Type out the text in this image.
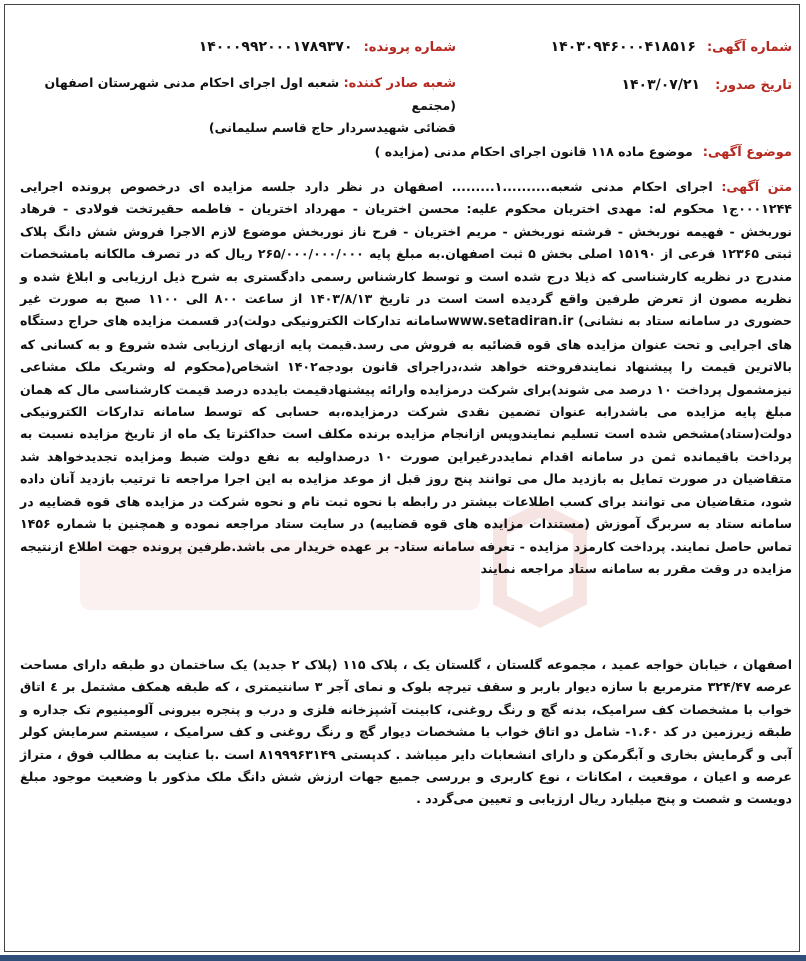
شماره آگهی: ۱۴۰۳۰۹۴۶۰۰۰۴۱۸۵۱۶
شماره پرونده: ۱۴۰۰۰۹۹۲۰۰۰۱۷۸۹۳۷۰
تاریخ صدور: ۱۴۰۳/۰۷/۲۱
شعبه صادر کننده: شعبه اول اجرای احکام مدنی شهرستان اصفهان (مجتمع
قضائی شهیدسردار حاج قاسم سلیمانی)
موضوع آگهی: موضوع ماده ۱۱۸ قانون اجرای احکام مدنی (مزایده )
متن آگهی: اجرای احکام مدنی شعبه..........۱......... اصفهان در نظر دارد جلسه مزایده ای درخصوص پرونده اجرایی ۰۰۰۱۲۴۴ج۱ محکوم له: مهدی اختریان محکوم علیه: محسن اختریان - مهرداد اختریان - فاطمه حقیرتخت فولادی - فرهاد نوربخش - فهیمه نوربخش - فرشته نوربخش - مریم اختریان - فرح ناز نوربخش موضوع لازم الاجرا فروش شش دانگ پلاک ثبتی ۱۲۳۶۵ فرعی از ۱۵۱۹۰ اصلی بخش ۵ ثبت اصفهان.به مبلغ پایه ۲۶۵/۰۰۰/۰۰۰/۰۰۰ ریال که در تصرف مالکانه بامشخصات مندرج در نظریه کارشناسی که ذیلا درج شده است و توسط کارشناس رسمی دادگستری به شرح ذیل ارزیابی و ابلاغ شده و نظریه مصون از تعرض طرفین واقع گردیده است است در تاریخ ۱۴۰۳/۸/۱۳ از ساعت ۸۰۰ الی ۱۱۰۰ صبح به صورت غیر حضوری در سامانه ستاد به نشانی) www.setadiran.irسامانه تدارکات الکترونیکی دولت)در قسمت مزایده های حراج دستگاه های اجرایی و تحت عنوان مزایده های قوه قضائیه به فروش می رسد.قیمت پایه ازبهای ارزیابی شده شروع و به کسانی که بالاترین قیمت را پیشنهاد نمایندفروخته خواهد شد،دراجرای قانون بودجه۱۴۰۲ اشخاص(محکوم له وشریک ملک مشاعی نیزمشمول پرداخت ۱۰ درصد می شوند)برای شرکت درمزایده وارائه پیشنهادقیمت بایدده درصد قیمت کارشناسی مال که همان مبلغ پایه مزایده می باشدرابه عنوان تضمین نقدی شرکت درمزایده،به حسابی که توسط سامانه تدارکات الکترونیکی دولت(ستاد)مشخص شده است تسلیم نمایندوپس ازانجام مزایده برنده مکلف است حداکثرتا یک ماه از تاریخ مزایده نسبت به پرداخت باقیمانده ثمن در سامانه اقدام نمایددرغیراین صورت ۱۰ درصداولیه به نفع دولت ضبط ومزایده تجدیدخواهد شد متقاضیان در صورت تمایل به بازدید مال می توانند پنج روز قبل از موعد مزایده به این اجرا مراجعه تا ترتیب بازدید آنان داده شود، متقاضیان می توانند برای کسب اطلاعات بیشتر در رابطه با نحوه ثبت نام و نحوه شرکت در مزایده های قوه قضاییه در سامانه ستاد به سربرگ آموزش (مستندات مزایده های قوه قضاییه) در سایت ستاد مراجعه نموده و همچنین با شماره ۱۴۵۶ تماس حاصل نمایند. پرداخت کارمزد مزایده - تعرفه سامانه ستاد- بر عهده خریدار می باشد.طرفین پرونده جهت اطلاع ازنتیجه مزایده در وقت مقرر به سامانه ستاد مراجعه نمایند
اصفهان ، خیابان خواجه عمید ، مجموعه گلستان ، گلستان یک ، پلاک ۱۱۵ (پلاک ۲ جدید) یک ساختمان دو طبقه دارای مساحت عرصه ۳۲۴/۴۷ مترمربع با سازه دیوار باربر و سقف تیرچه بلوک و نمای آجر ۳ سانتیمتری ، که طبقه همکف مشتمل بر ٤ اتاق خواب با مشخصات کف سرامیک، بدنه گچ و رنگ روغنی، کابینت آشپزخانه فلزی و درب و پنجره بیرونی آلومینیوم تک جداره و طبقه زیرزمین در کد ۱.۶۰- شامل دو اتاق خواب با مشخصات دیوار گچ و رنگ روغنی و کف سرامیک ، سیستم سرمایش کولر آبی و گرمایش بخاری و آبگرمکن و دارای انشعابات دایر میباشد . کدپستی ۸۱۹۹۹۶۳۱۴۹ است .با عنایت به مطالب فوق ، متراژ عرصه و اعیان ، موقعیت ، امکانات ، نوع کاربری و بررسی جمیع جهات ارزش شش دانگ ملک مذکور با وضعیت موجود مبلغ دویست و شصت و پنج میلیارد ریال ارزیابی و تعیین می‌گردد .
